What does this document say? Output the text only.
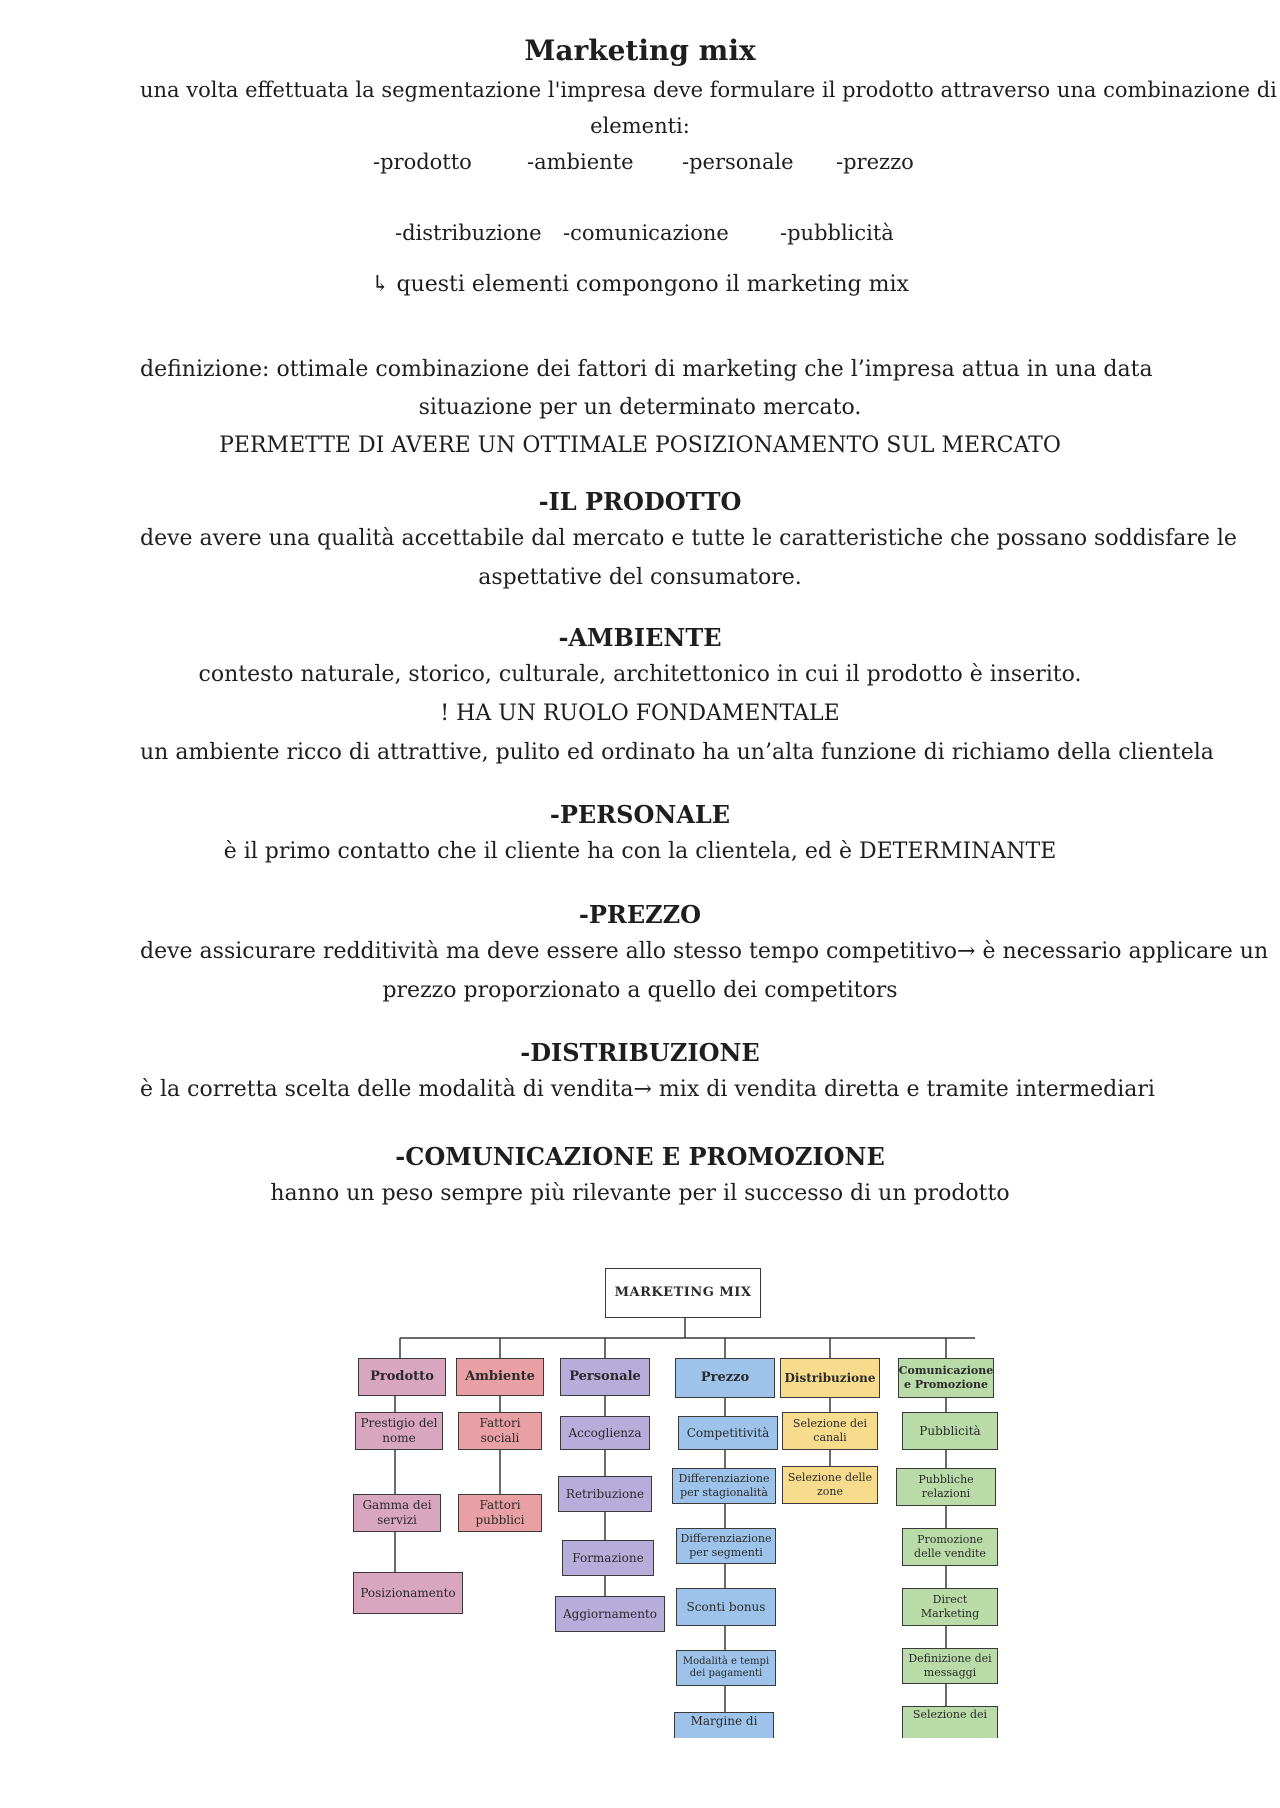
Marketing mix
una volta effettuata la segmentazione l'impresa deve formulare il prodotto attraverso una combinazione di
elementi:
-prodotto	-ambiente -personale -prezzo
-distribuzione -comunicazione -pubblicità
↳ questi elementi compongono il marketing mix
definizione: ottimale combinazione dei fattori di marketing che l’impresa attua in una data
situazione per un determinato mercato.
PERMETTE DI AVERE UN OTTIMALE POSIZIONAMENTO SUL MERCATO
-IL PRODOTTO
deve avere una qualità accettabile dal mercato e tutte le caratteristiche che possano soddisfare le
aspettative del consumatore.
-AMBIENTE
contesto naturale, storico, culturale, architettonico in cui il prodotto è inserito.
! HA UN RUOLO FONDAMENTALE
un ambiente ricco di attrattive, pulito ed ordinato ha un’alta funzione di richiamo della clientela
-PERSONALE
è il primo contatto che il cliente ha con la clientela, ed è DETERMINANTE
-PREZZO
deve assicurare redditività ma deve essere allo stesso tempo competitivo→ è necessario applicare un
prezzo proporzionato a quello dei competitors
-DISTRIBUZIONE
è la corretta scelta delle modalità di vendita→ mix di vendita diretta e tramite intermediari
-COMUNICAZIONE E PROMOZIONE
hanno un peso sempre più rilevante per il successo di un prodotto
MARKETING MIX
Prodotto	Ambiente	Personale	Prezzo	Distribuzione	Comunicazione e Promozione
Prestigio del nome
Gamma dei servizi
Posizionamento
Fattori sociali
Fattori pubblici
Accoglienza
Retribuzione
Formazione
Aggiornamento
Competitività
Differenziazione per stagionalità
Differenziazione per segmenti
Sconti bonus
Modalità e tempi dei pagamenti
Margine di
Selezione dei canali
Selezione delle zone
Pubblicità
Pubbliche relazioni
Promozione delle vendite
Direct Marketing
Definizione dei messaggi
Selezione dei
